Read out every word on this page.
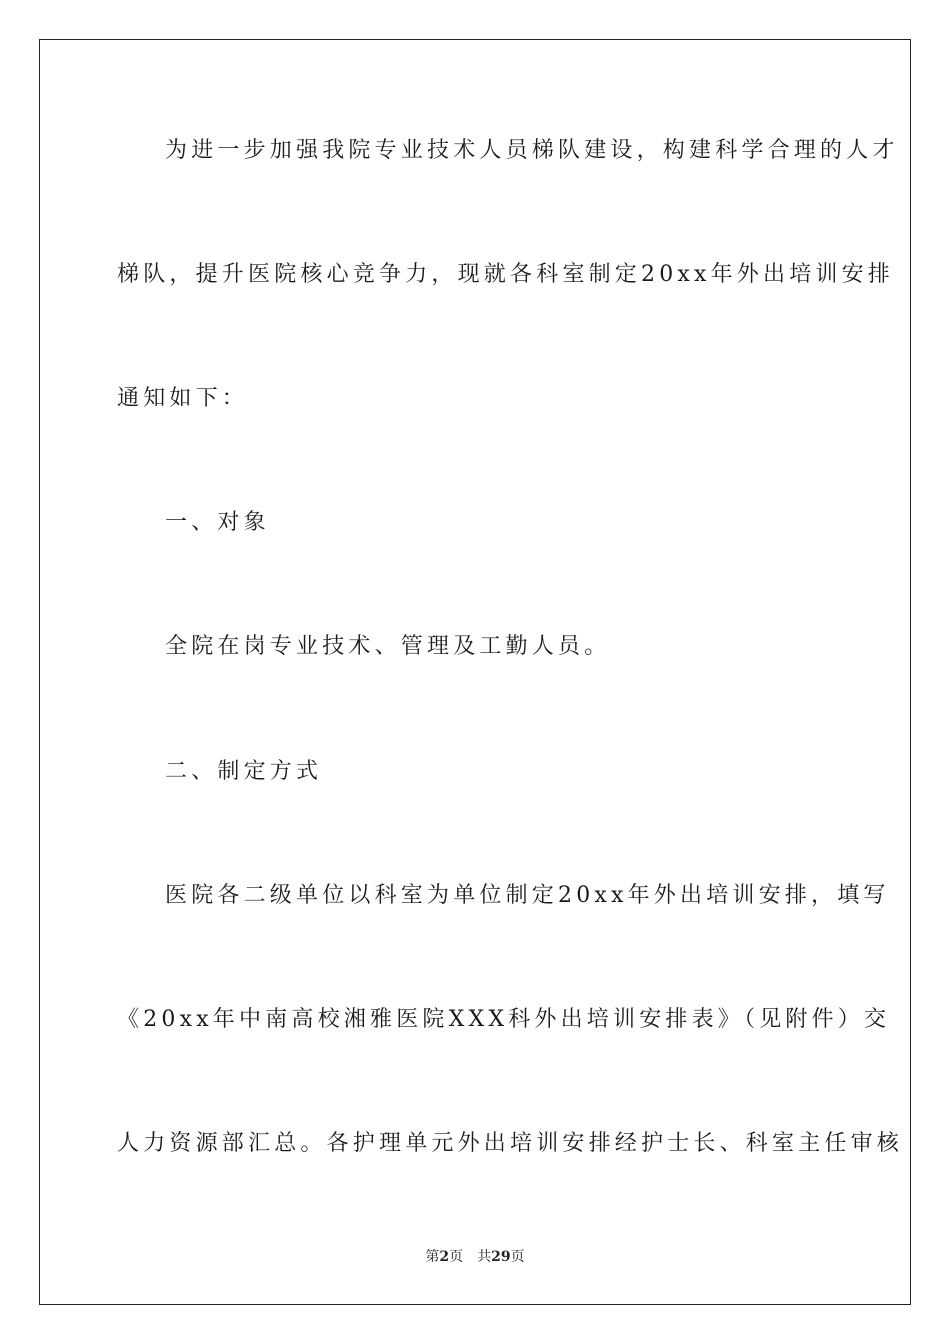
为进一步加强我院专业技术人员梯队建设，构建科学合理的人才
梯队，提升医院核心竞争力，现就各科室制定20xx年外出培训安排
通知如下：
一、对象
全院在岗专业技术、管理及工勤人员。
二、制定方式
医院各二级单位以科室为单位制定20xx年外出培训安排，填写
《20xx年中南高校湘雅医院XXX科外出培训安排表》（见附件）交
人力资源部汇总。各护理单元外出培训安排经护士长、科室主任审核
第2页 共29页
